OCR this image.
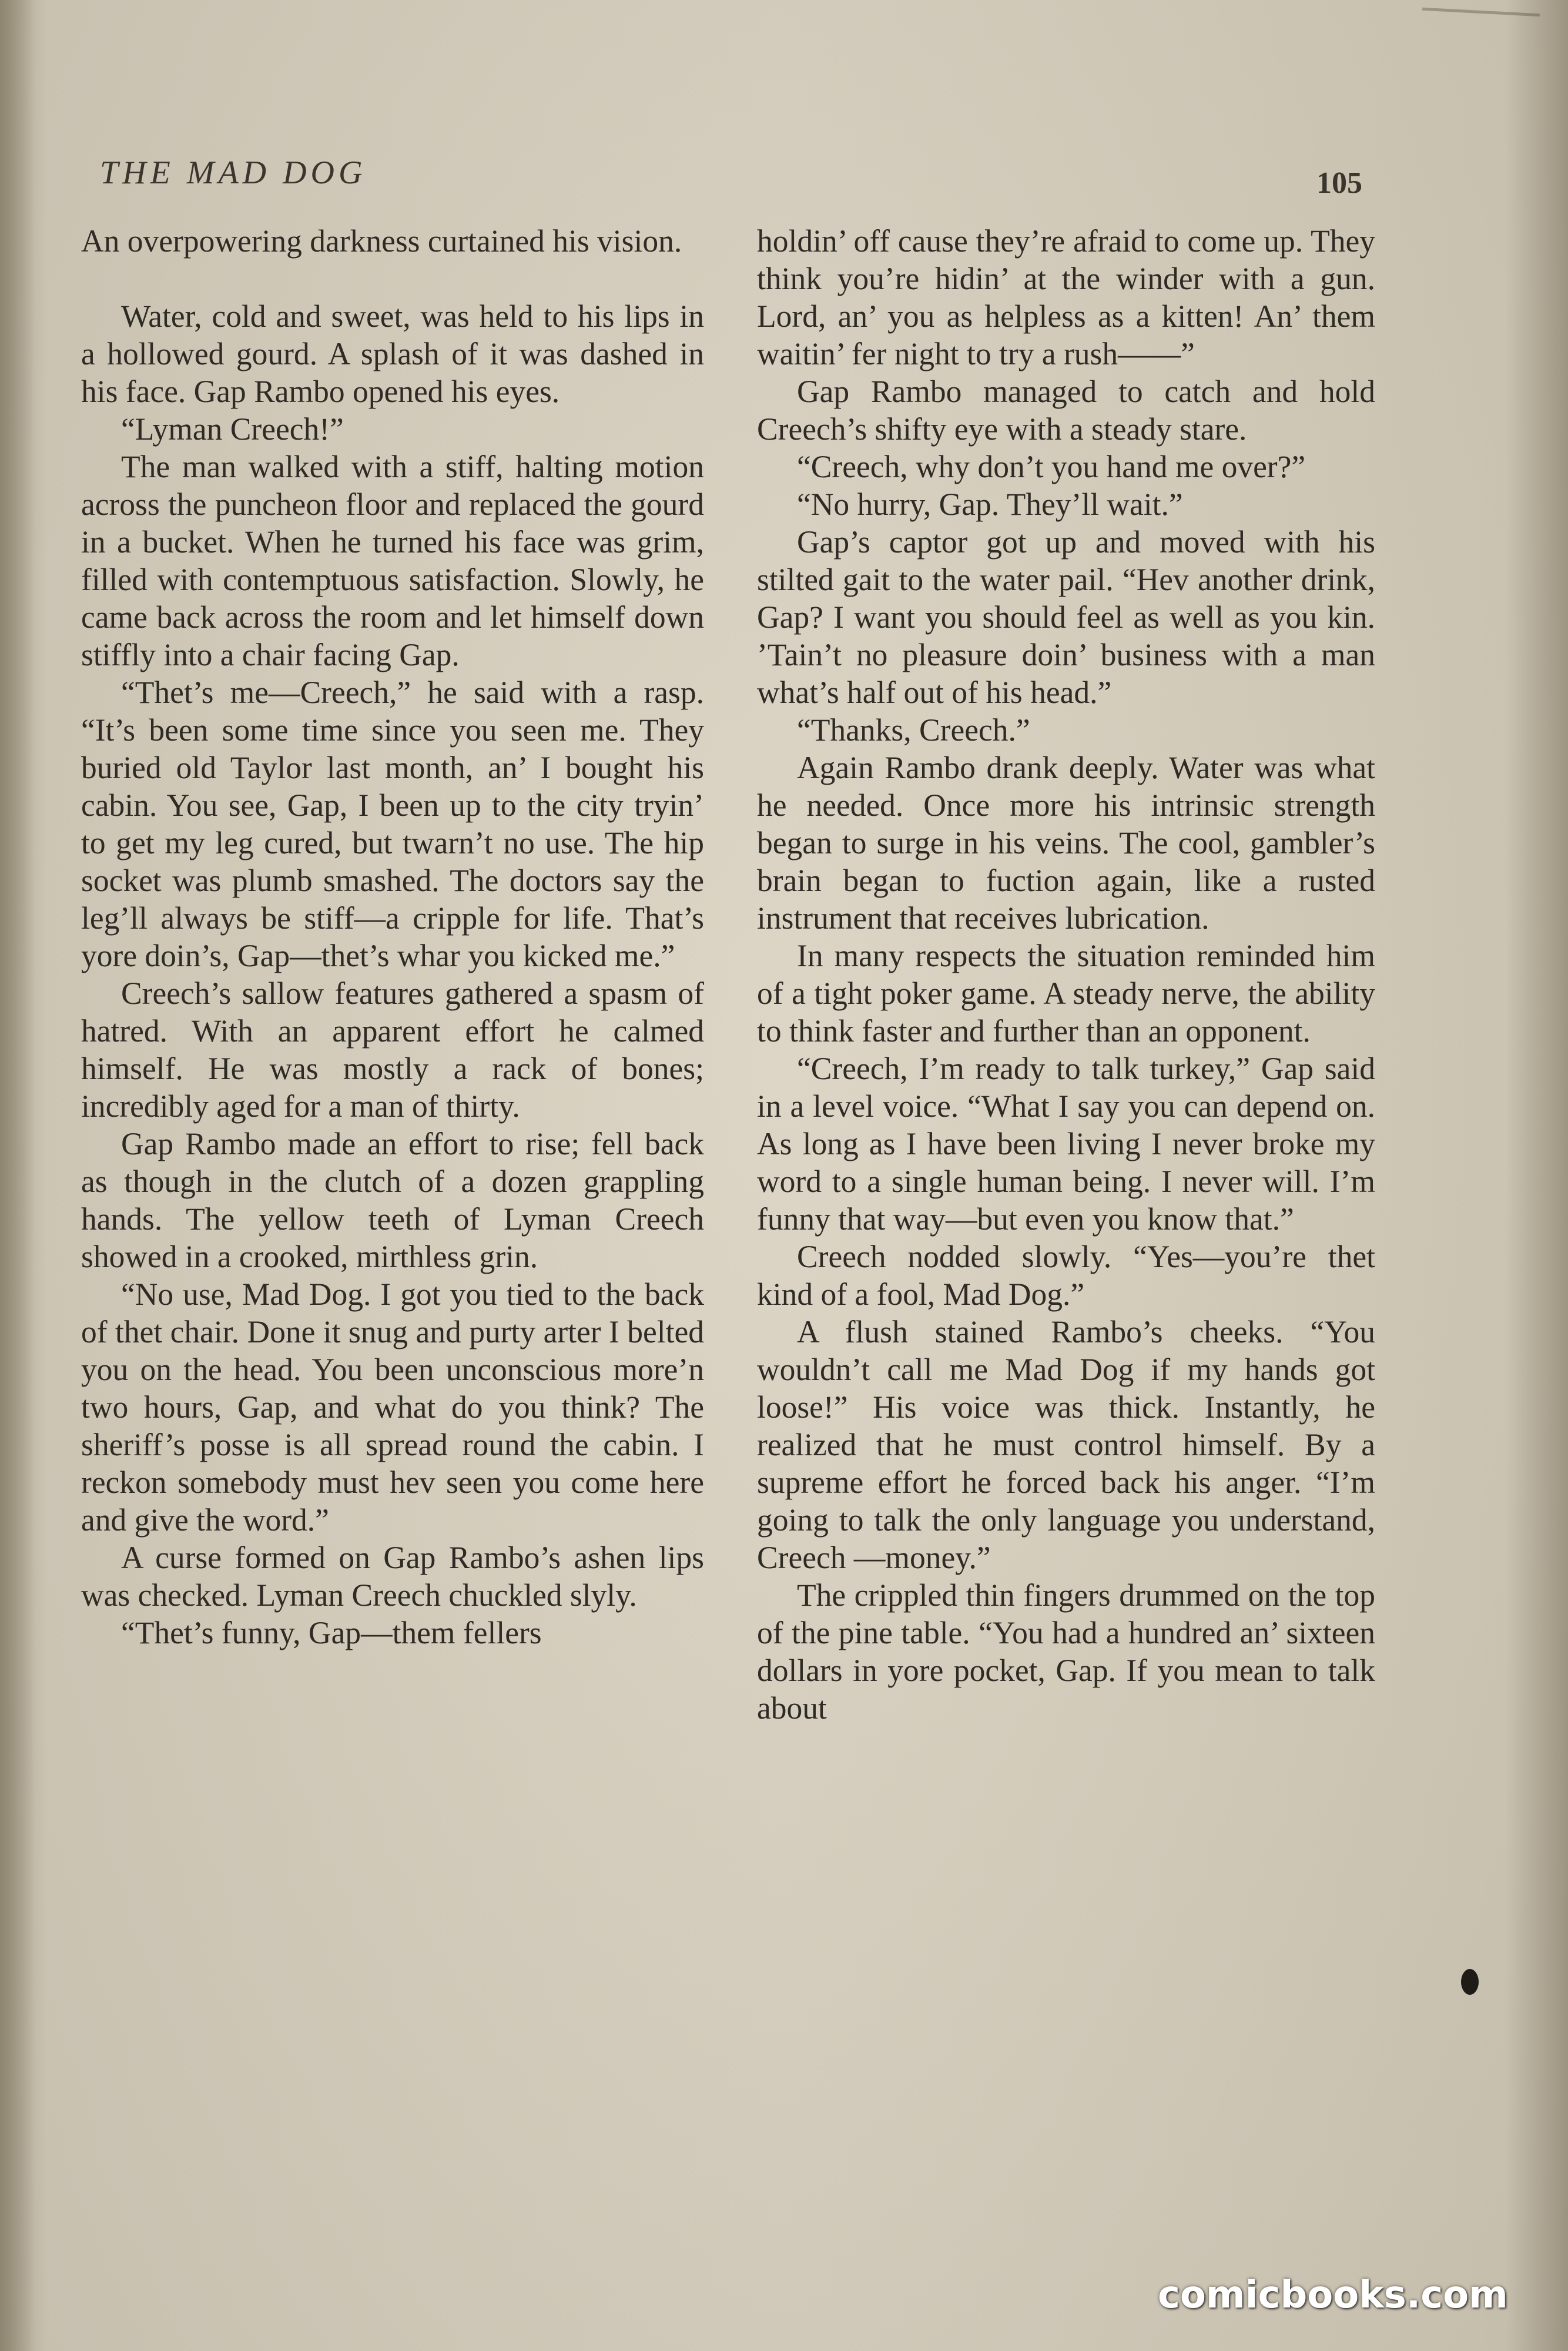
THE MAD DOG	105

An overpowering darkness curtained his vision.

Water, cold and sweet, was held to his lips in a hollowed gourd. A splash of it was dashed in his face. Gap Rambo opened his eyes.

“Lyman Creech!”

The man walked with a stiff, halting motion across the puncheon floor and replaced the gourd in a bucket. When he turned his face was grim, filled with contemptuous satisfaction. Slowly, he came back across the room and let himself down stiffly into a chair facing Gap.

“Thet’s me—Creech,” he said with a rasp. “It’s been some time since you seen me. They buried old Taylor last month, an’ I bought his cabin. You see, Gap, I been up to the city tryin’ to get my leg cured, but twarn’t no use. The hip socket was plumb smashed. The doctors say the leg’ll always be stiff—a cripple for life. That’s yore doin’s, Gap—thet’s whar you kicked me.”

Creech’s sallow features gathered a spasm of hatred. With an apparent effort he calmed himself. He was mostly a rack of bones; incredibly aged for a man of thirty.

Gap Rambo made an effort to rise; fell back as though in the clutch of a dozen grappling hands. The yellow teeth of Lyman Creech showed in a crooked, mirthless grin.

“No use, Mad Dog. I got you tied to the back of thet chair. Done it snug and purty arter I belted you on the head. You been unconscious more’n two hours, Gap, and what do you think? The sheriff’s posse is all spread round the cabin. I reckon somebody must hev seen you come here and give the word.”

A curse formed on Gap Rambo’s ashen lips was checked. Lyman Creech chuckled slyly.

“Thet’s funny, Gap—them fellers

holdin’ off cause they’re afraid to come up. They think you’re hidin’ at the winder with a gun. Lord, an’ you as helpless as a kitten! An’ them waitin’ fer night to try a rush——”

Gap Rambo managed to catch and hold Creech’s shifty eye with a steady stare.

“Creech, why don’t you hand me over?”

“No hurry, Gap. They’ll wait.”

Gap’s captor got up and moved with his stilted gait to the water pail. “Hev another drink, Gap? I want you should feel as well as you kin. ’Tain’t no pleasure doin’ business with a man what’s half out of his head.”

“Thanks, Creech.”

Again Rambo drank deeply. Water was what he needed. Once more his intrinsic strength began to surge in his veins. The cool, gambler’s brain began to fuction again, like a rusted instrument that receives lubrication.

In many respects the situation reminded him of a tight poker game. A steady nerve, the ability to think faster and further than an opponent.

“Creech, I’m ready to talk turkey,” Gap said in a level voice. “What I say you can depend on. As long as I have been living I never broke my word to a single human being. I never will. I’m funny that way—but even you know that.”

Creech nodded slowly. “Yes—you’re thet kind of a fool, Mad Dog.”

A flush stained Rambo’s cheeks. “You wouldn’t call me Mad Dog if my hands got loose!” His voice was thick. Instantly, he realized that he must control himself. By a supreme effort he forced back his anger. “I’m going to talk the only language you understand, Creech —money.”

The crippled thin fingers drummed on the top of the pine table. “You had a hundred an’ sixteen dollars in yore pocket, Gap. If you mean to talk about

comicbooks.com
